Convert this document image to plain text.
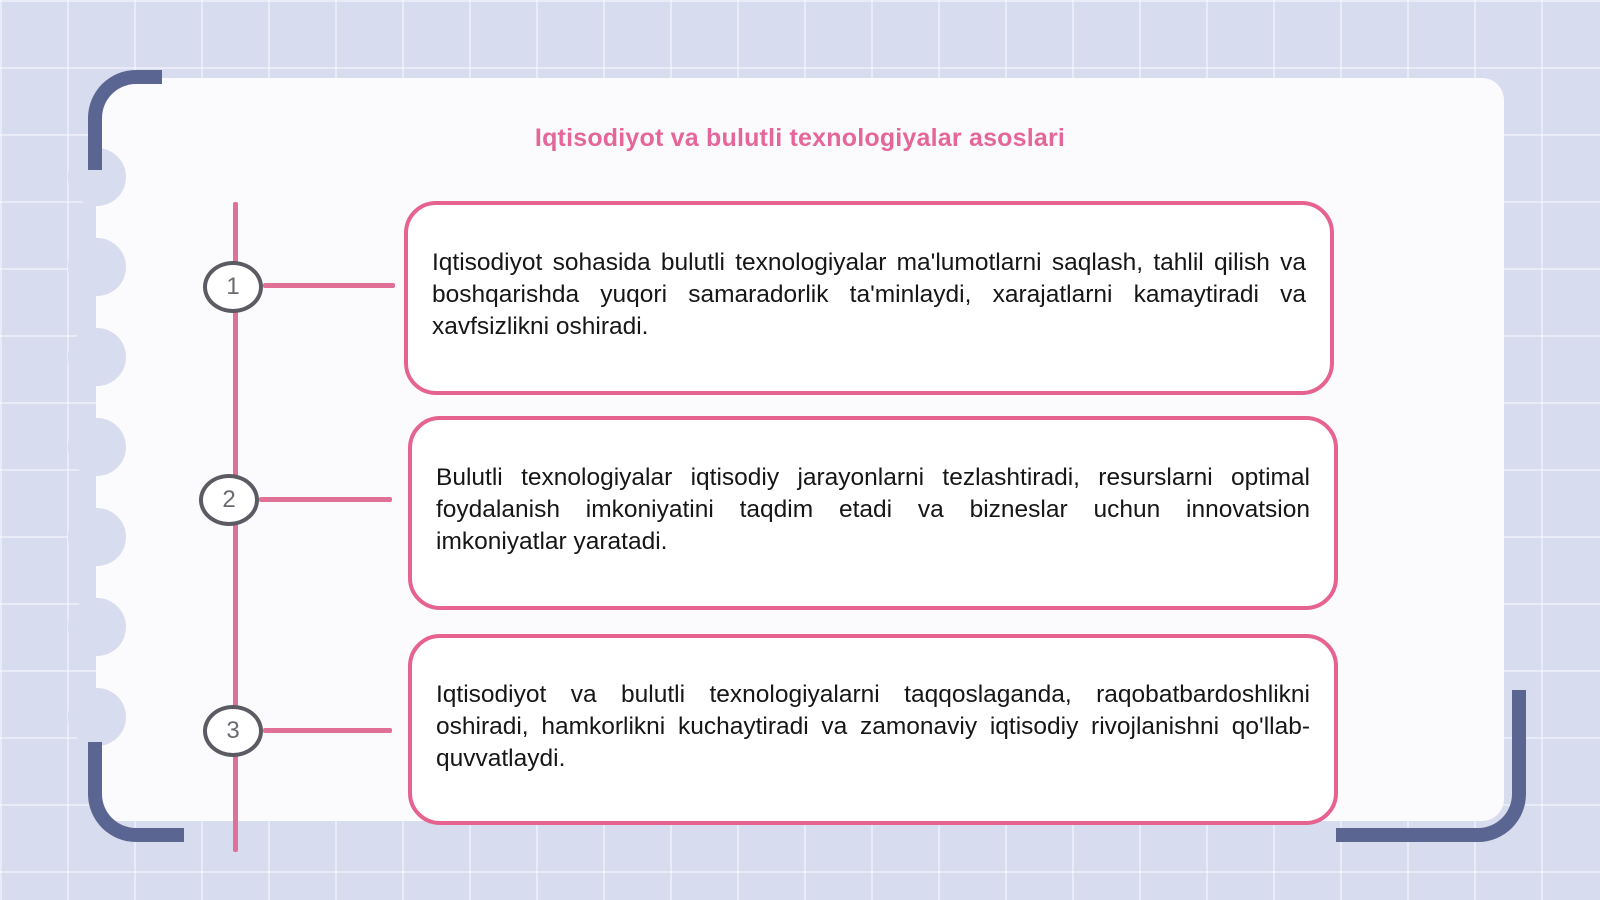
Iqtisodiyot va bulutli texnologiyalar asoslari
1

Iqtisodiyot sohasida bulutli texnologiyalar ma'lumotlarni saqlash, tahlil qilish va boshqarishda yuqori samaradorlik ta'minlaydi, xarajatlarni kamaytiradi va xavfsizlikni oshiradi.

2

Bulutli texnologiyalar iqtisodiy jarayonlarni tezlashtiradi, resurslarni optimal foydalanish imkoniyatini taqdim etadi va bizneslar uchun innovatsion imkoniyatlar yaratadi.

3

Iqtisodiyot va bulutli texnologiyalarni taqqoslaganda, raqobatbardoshlikni oshiradi, hamkorlikni kuchaytiradi va zamonaviy iqtisodiy rivojlanishni qo'llab-quvvatlaydi.
